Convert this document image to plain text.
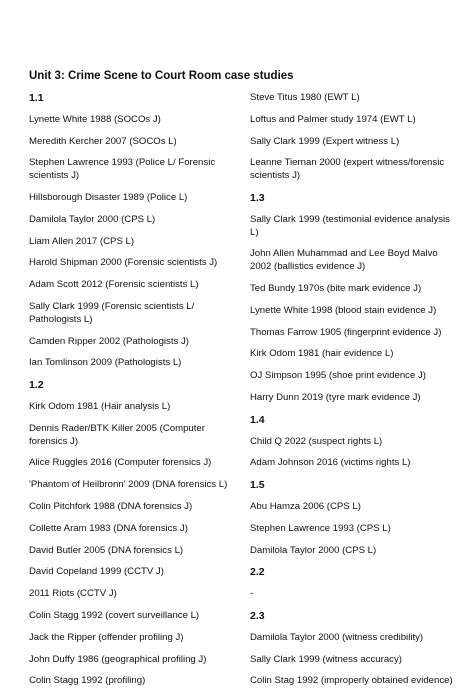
Unit 3: Crime Scene to Court Room case studies
1.1
Lynette White 1988 (SOCOs J)
Meredith Kercher 2007 (SOCOs L)
Stephen Lawrence 1993 (Police L/ Forensic scientists J)
Hillsborough Disaster 1989 (Police L)
Damilola Taylor 2000 (CPS L)
Liam Allen 2017 (CPS L)
Harold Shipman 2000 (Forensic scientists J)
Adam Scott 2012 (Forensic scientists L)
Sally Clark 1999 (Forensic scientists L/ Pathologists L)
Camden Ripper 2002 (Pathologists J)
Ian Tomlinson 2009 (Pathologists L)
1.2
Kirk Odom 1981 (Hair analysis L)
Dennis Rader/BTK Killer 2005 (Computer forensics J)
Alice Ruggles 2016 (Computer forensics J)
'Phantom of Heilbronn' 2009 (DNA forensics L)
Colin Pitchfork 1988 (DNA forensics J)
Collette Aram 1983 (DNA forensics J)
David Butler 2005 (DNA forensics L)
David Copeland 1999 (CCTV J)
2011 Riots (CCTV J)
Colin Stagg 1992 (covert surveillance L)
Jack the Ripper (offender profiling J)
John Duffy 1986 (geographical profiling J)
Colin Stagg 1992 (profiling)
Steve Titus 1980 (EWT L)
Loftus and Palmer study 1974 (EWT L)
Sally Clark 1999 (Expert witness L)
Leanne Tiernan 2000 (expert witness/forensic scientists J)
1.3
Sally Clark 1999 (testimonial evidence analysis L)
John Allen Muhammad and Lee Boyd Malvo 2002 (ballistics evidence J)
Ted Bundy 1970s (bite mark evidence J)
Lynette White 1998 (blood stain evidence J)
Thomas Farrow 1905 (fingerprint evidence J)
Kirk Odom 1981 (hair evidence L)
OJ Simpson 1995 (shoe print evidence J)
Harry Dunn 2019 (tyre mark evidence J)
1.4
Child Q 2022 (suspect rights L)
Adam Johnson 2016 (victims rights L)
1.5
Abu Hamza 2006 (CPS L)
Stephen Lawrence 1993 (CPS L)
Damilola Taylor 2000 (CPS L)
2.2
-
2.3
Damilola Taylor 2000 (witness credibility)
Sally Clark 1999 (witness accuracy)
Colin Stag 1992 (improperly obtained evidence)
